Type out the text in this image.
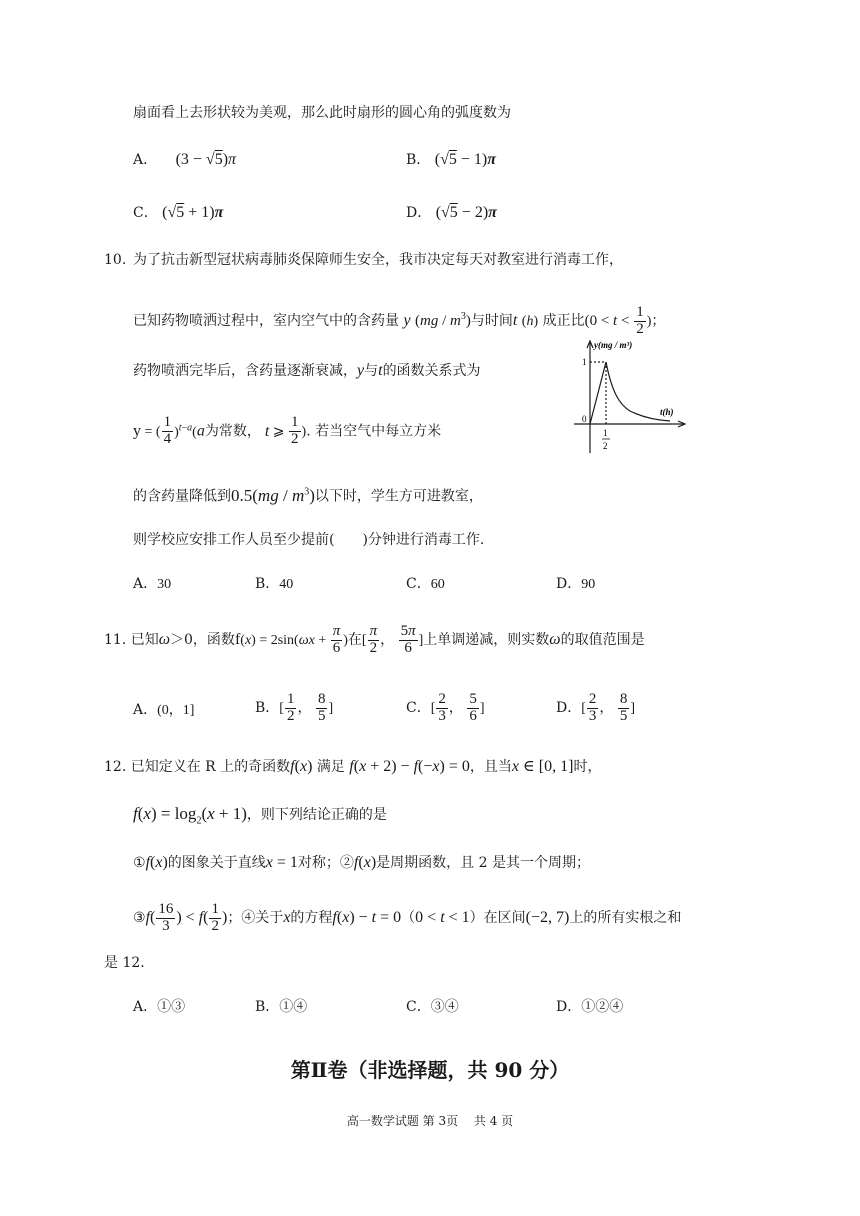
扇面看上去形状较为美观，那么此时扇形的圆心角的弧度数为
A． (3 − √5)π	B． (√5 − 1)π
C． (√5 + 1)π	D． (√5 − 2)π
10. 为了抗击新型冠状病毒肺炎保障师生安全，我市决定每天对教室进行消毒工作，
已知药物喷洒过程中，室内空气中的含药量 y $(mg / m^3)$与时间t (h) 成正比($0 < t < \frac{1}{2}$ )；
药物喷洒完毕后，含药量逐渐衰减，y与t的函数关系式为
y = ( $\frac{1}{4} )^{t-a}(a$为常数， t ⩾ $\frac{1}{2}$ ). 若当空气中每立方米
y(mg / m³)
t(h)
1
0
1
2
的含药量降低到$0.5(mg / m^3)$以下时，学生方可进教室，
则学校应安排工作人员至少提前(　　)分钟进行消毒工作.
A．30	B．40	C．60	D．90
11. 已知ω＞0，函数$f(x) = 2\sin(\omega x + \frac{\pi}{6}$ )在[ $\frac{\pi}{2}$ ， $\frac{5\pi}{6}$ ]上单调递减，则实数ω的取值范围是
A．(0，1]	B．[ $\frac{1}{2}$ ， $\frac{8}{5}$ ]	C．[ $\frac{2}{3}$ ， $\frac{5}{6}$ ]	D．[ $\frac{2}{3}$ ， $\frac{8}{5}$ ]
12. 已知定义在 R 上的奇函数f(x) 满足 f(x + 2) − f(−x) = 0，且当x ∈ [0, 1]时，
$f(x) = \log_2(x + 1)$，则下列结论正确的是
①f(x)的图象关于直线x = 1对称；②f(x)是周期函数，且 2 是其一个周期；
③f( $\frac{16}{3}$ ) < $f( \frac{1}{2}$ )；④关于x的方程f(x) − t = 0（0 < t < 1）在区间(−2, 7)上的所有实根之和
是 12.
A．①③	B．①④	C．③④	D．①②④
第Ⅱ卷（非选择题，共 90 分）
高一数学试题 第 3页　 共 4 页
